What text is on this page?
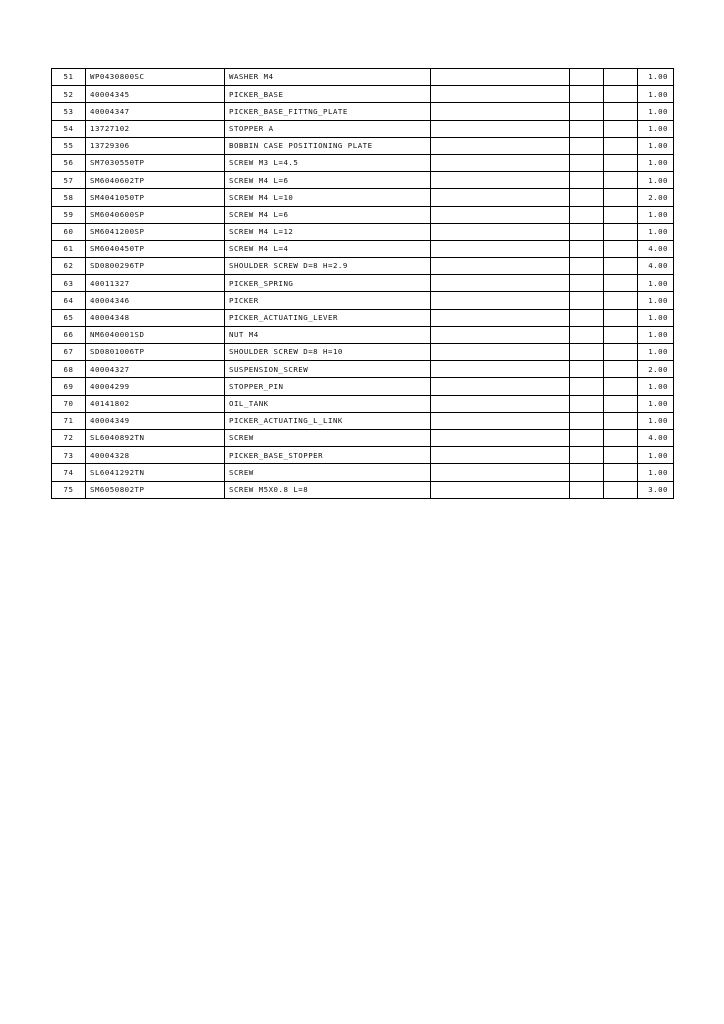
51	WP0430800SC	WASHER M4				1.00
52	40004345	PICKER_BASE				1.00
53	40004347	PICKER_BASE_FITTNG_PLATE				1.00
54	13727102	STOPPER A				1.00
55	13729306	BOBBIN CASE POSITIONING PLATE				1.00
56	SM7030550TP	SCREW M3 L=4.5				1.00
57	SM6040602TP	SCREW M4 L=6				1.00
58	SM4041050TP	SCREW M4 L=10				2.00
59	SM6040600SP	SCREW M4 L=6				1.00
60	SM6041200SP	SCREW M4 L=12				1.00
61	SM6040450TP	SCREW M4 L=4				4.00
62	SD0800296TP	SHOULDER SCREW D=8 H=2.9				4.00
63	40011327	PICKER_SPRING				1.00
64	40004346	PICKER				1.00
65	40004348	PICKER_ACTUATING_LEVER				1.00
66	NM6040001SD	NUT M4				1.00
67	SD0801006TP	SHOULDER SCREW D=8 H=10				1.00
68	40004327	SUSPENSION_SCREW				2.00
69	40004299	STOPPER_PIN				1.00
70	40141802	OIL_TANK				1.00
71	40004349	PICKER_ACTUATING_L_LINK				1.00
72	SL6040892TN	SCREW				4.00
73	40004328	PICKER_BASE_STOPPER				1.00
74	SL6041292TN	SCREW				1.00
75	SM6050802TP	SCREW M5X0.8 L=8				3.00
